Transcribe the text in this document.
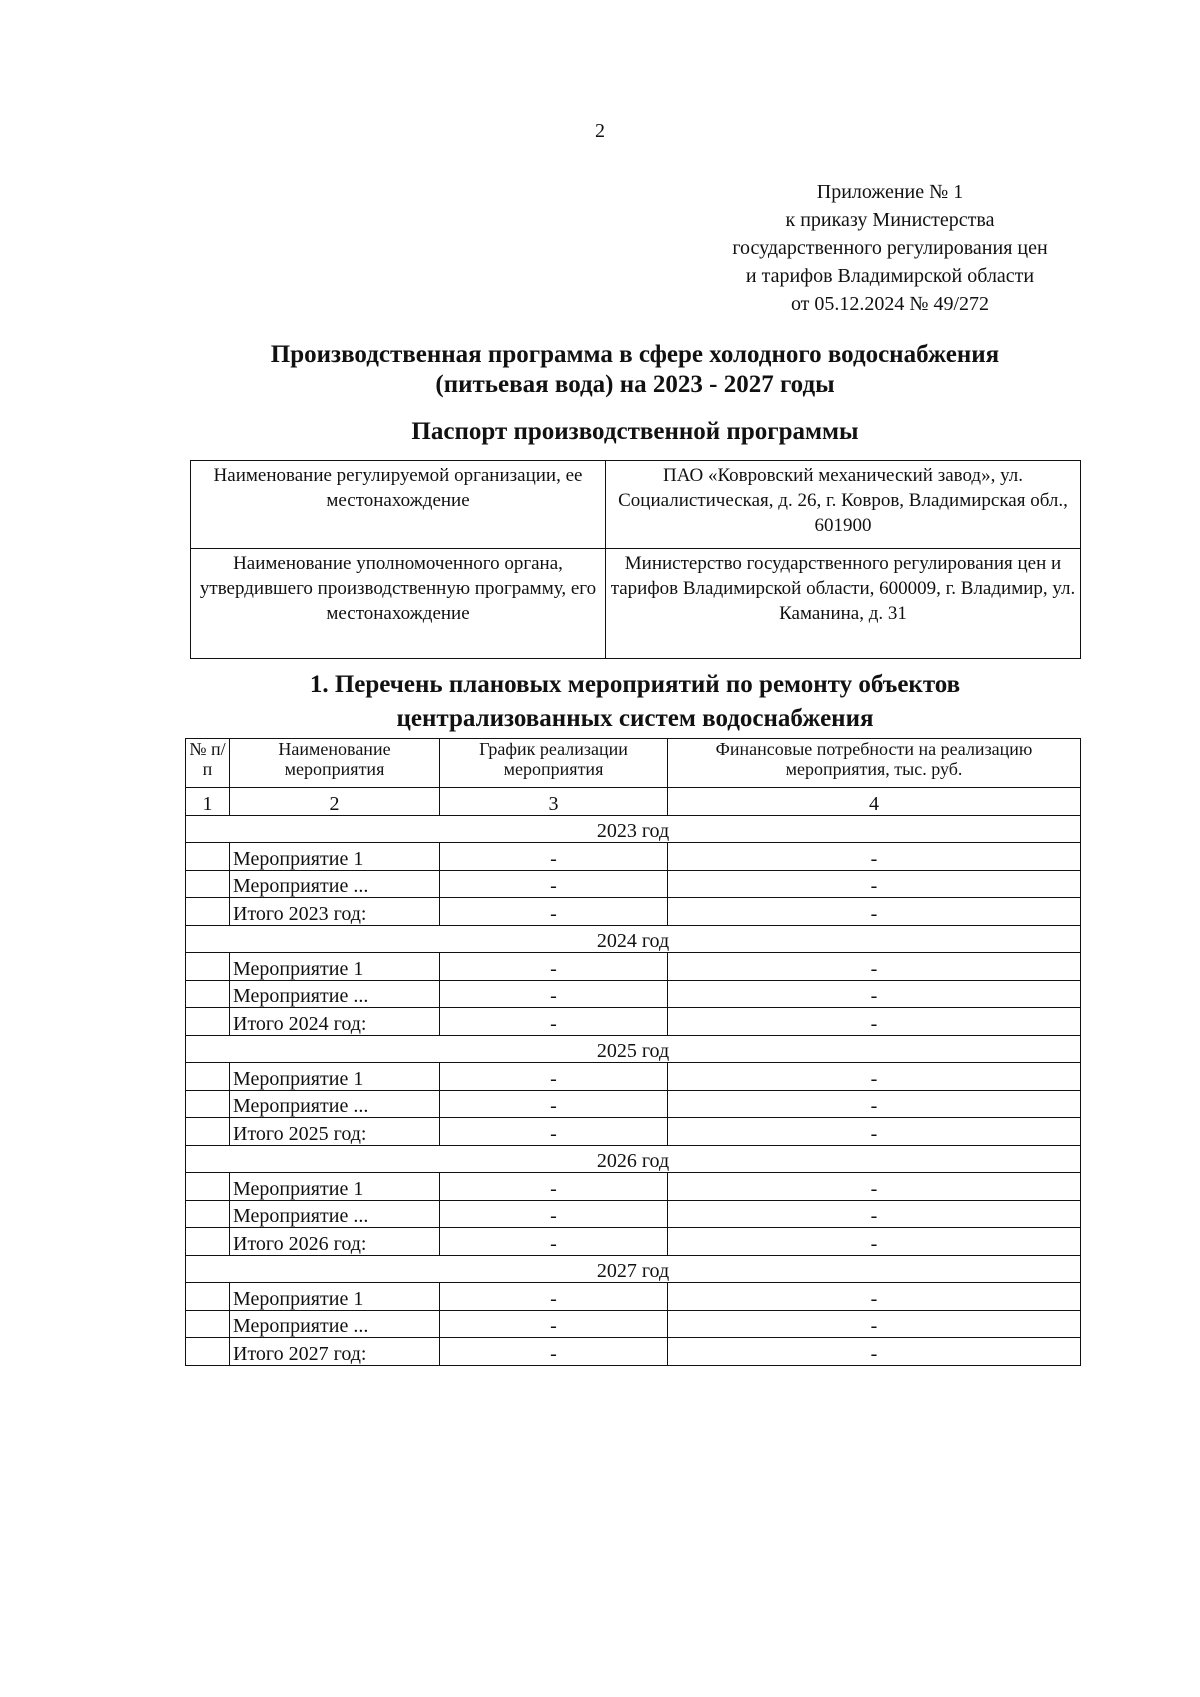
2
Приложение № 1
к приказу Министерства
государственного регулирования цен
и тарифов Владимирской области
от 05.12.2024 № 49/272
Производственная программа в сфере холодного водоснабжения
(питьевая вода) на 2023 - 2027 годы
Паспорт производственной программы
Наименование регулируемой организации, ее местонахождение	ПАО «Ковровский механический завод», ул. Социалистическая, д. 26, г. Ковров, Владимирская обл., 601900
Наименование уполномоченного органа, утвердившего производственную программу, его местонахождение	Министерство государственного регулирования цен и тарифов Владимирской области, 600009, г. Владимир, ул. Каманина, д. 31
1. Перечень плановых мероприятий по ремонту объектов
централизованных систем водоснабжения
№ п/п	Наименование мероприятия	График реализации мероприятия	Финансовые потребности на реализацию мероприятия, тыс. руб.
1	2	3	4
2023 год			
	Мероприятие 1	-	-
	Мероприятие ...	-	-
	Итого 2023 год:	-	-
2024 год			
	Мероприятие 1	-	-
	Мероприятие ...	-	-
	Итого 2024 год:	-	-
2025 год			
	Мероприятие 1	-	-
	Мероприятие ...	-	-
	Итого 2025 год:	-	-
2026 год			
	Мероприятие 1	-	-
	Мероприятие ...	-	-
	Итого 2026 год:	-	-
2027 год			
	Мероприятие 1	-	-
	Мероприятие ...	-	-
	Итого 2027 год:	-	-
